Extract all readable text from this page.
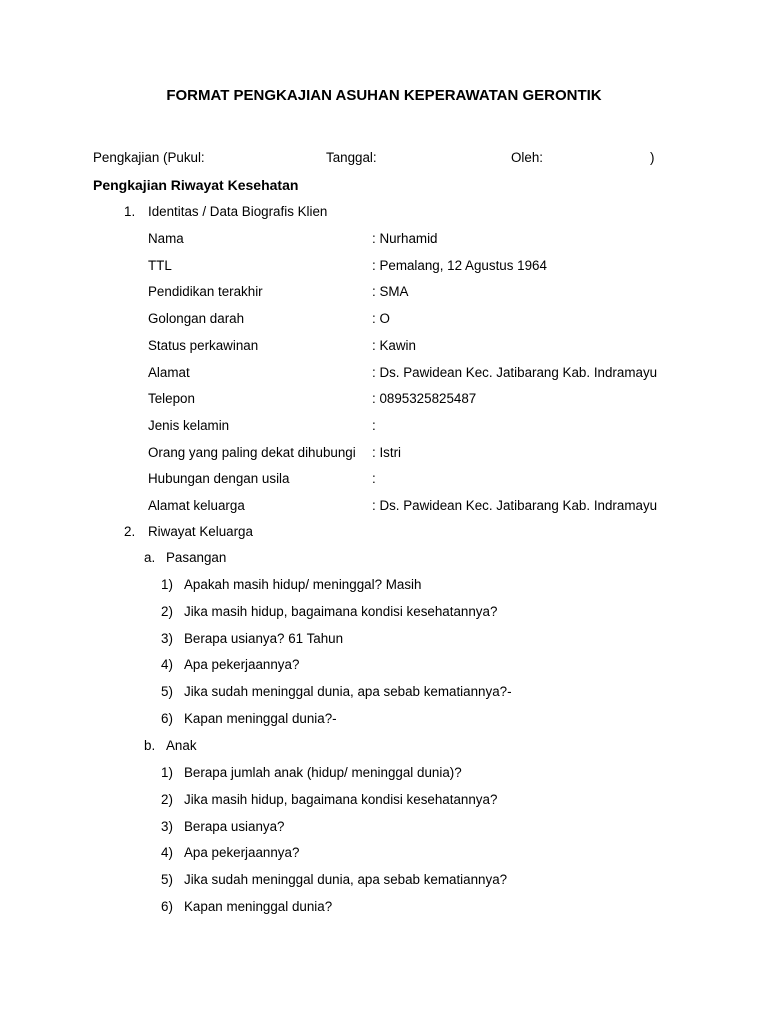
FORMAT PENGKAJIAN ASUHAN KEPERAWATAN GERONTIK
Pengkajian (Pukul:	Tanggal:	Oleh:	)
Pengkajian Riwayat Kesehatan
1. Identitas / Data Biografis Klien
Nama	: Nurhamid
TTL	: Pemalang, 12 Agustus 1964
Pendidikan terakhir	: SMA
Golongan darah	: O
Status perkawinan	: Kawin
Alamat	: Ds. Pawidean Kec. Jatibarang Kab. Indramayu
Telepon	: 0895325825487
Jenis kelamin	:
Orang yang paling dekat dihubungi : Istri
Hubungan dengan usila	:
Alamat keluarga	: Ds. Pawidean Kec. Jatibarang Kab. Indramayu
2. Riwayat Keluarga
a. Pasangan
1) Apakah masih hidup/ meninggal? Masih
2) Jika masih hidup, bagaimana kondisi kesehatannya?
3) Berapa usianya? 61 Tahun
4) Apa pekerjaannya?
5) Jika sudah meninggal dunia, apa sebab kematiannya?-
6) Kapan meninggal dunia?-
b. Anak
1) Berapa jumlah anak (hidup/ meninggal dunia)?
2) Jika masih hidup, bagaimana kondisi kesehatannya?
3) Berapa usianya?
4) Apa pekerjaannya?
5) Jika sudah meninggal dunia, apa sebab kematiannya?
6) Kapan meninggal dunia?
